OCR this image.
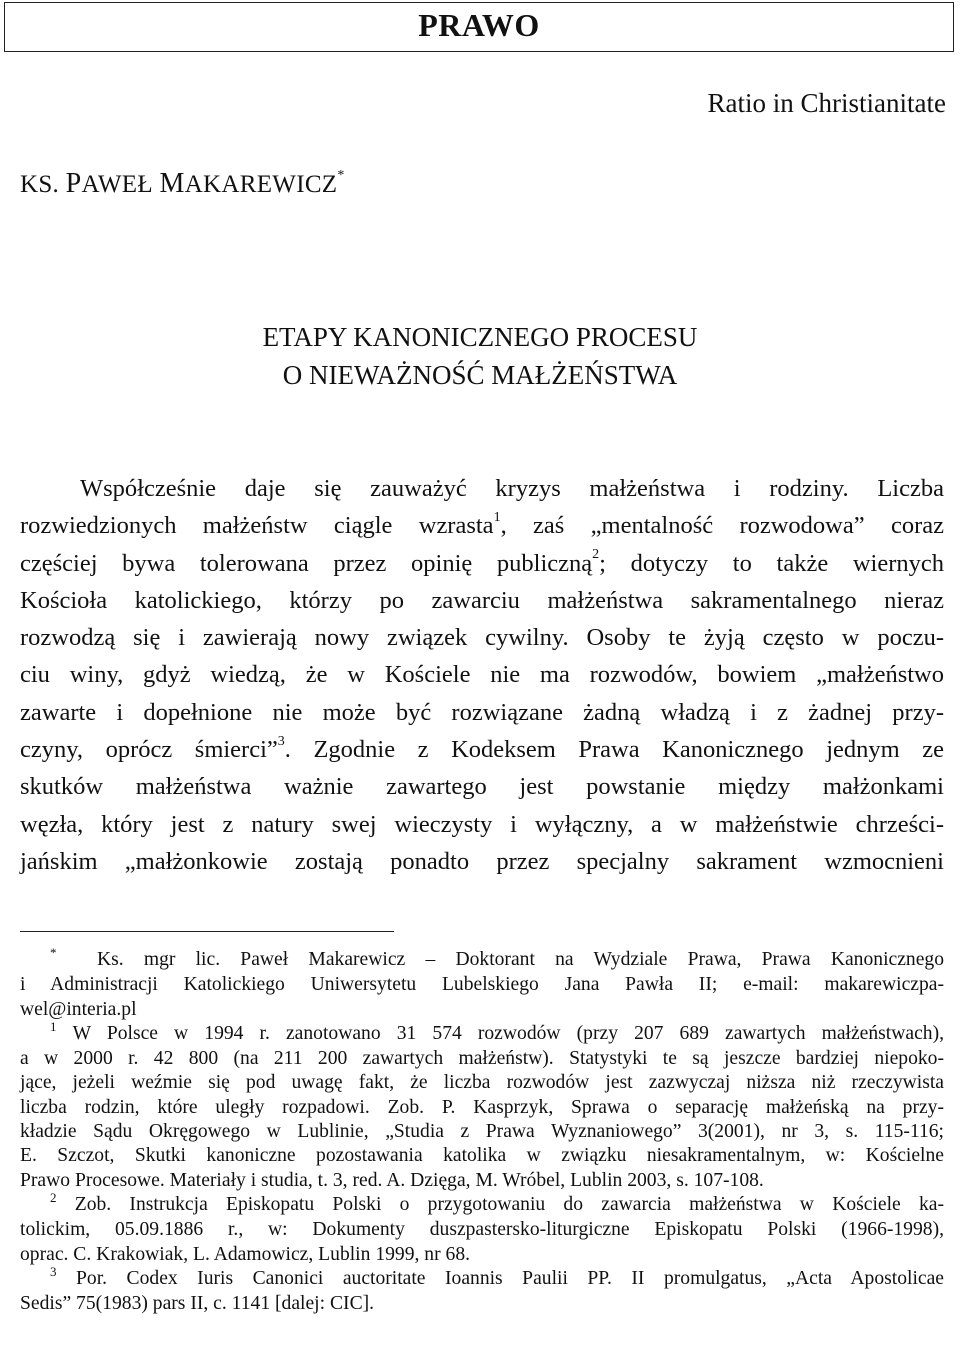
PRAWO
Ratio in Christianitate
KS. PAWEŁ MAKAREWICZ*
ETAPY KANONICZNEGO PROCESU
O NIEWAŻNOŚĆ MAŁŻEŃSTWA
Współcześnie daje się zauważyć kryzys małżeństwa i rodziny. Liczba
rozwiedzionych małżeństw ciągle wzrasta$^1$, zaś „mentalność rozwodowa” coraz
częściej bywa tolerowana przez opinię publiczną$^2$; dotyczy to także wiernych
Kościoła katolickiego, którzy po zawarciu małżeństwa sakramentalnego nieraz
rozwodzą się i zawierają nowy związek cywilny. Osoby te żyją często w poczu-
ciu winy, gdyż wiedzą, że w Kościele nie ma rozwodów, bowiem „małżeństwo
zawarte i dopełnione nie może być rozwiązane żadną władzą i z żadnej przy-
czyny, oprócz śmierci”$^3$. Zgodnie z Kodeksem Prawa Kanonicznego jednym ze
skutków małżeństwa ważnie zawartego jest powstanie między małżonkami
węzła, który jest z natury swej wieczysty i wyłączny, a w małżeństwie chrześci-
jańskim „małżonkowie zostają ponadto przez specjalny sakrament wzmocnieni
* Ks. mgr lic. Paweł Makarewicz – Doktorant na Wydziale Prawa, Prawa Kanonicznego
i Administracji Katolickiego Uniwersytetu Lubelskiego Jana Pawła II; e-mail: makarewiczpa-
wel@interia.pl
$^1$ W Polsce w 1994 r. zanotowano 31 574 rozwodów (przy 207 689 zawartych małżeństwach),
a w 2000 r. 42 800 (na 211 200 zawartych małżeństw). Statystyki te są jeszcze bardziej niepoko-
jące, jeżeli weźmie się pod uwagę fakt, że liczba rozwodów jest zazwyczaj niższa niż rzeczywista
liczba rodzin, które uległy rozpadowi. Zob. P. Kasprzyk, Sprawa o separację małżeńską na przy-
kładzie Sądu Okręgowego w Lublinie, „Studia z Prawa Wyznaniowego” 3(2001), nr 3, s. 115-116;
E. Szczot, Skutki kanoniczne pozostawania katolika w związku niesakramentalnym, w: Kościelne
Prawo Procesowe. Materiały i studia, t. 3, red. A. Dzięga, M. Wróbel, Lublin 2003, s. 107-108.
$^2$ Zob. Instrukcja Episkopatu Polski o przygotowaniu do zawarcia małżeństwa w Kościele ka-
tolickim, 05.09.1886 r., w: Dokumenty duszpastersko-liturgiczne Episkopatu Polski (1966-1998),
oprac. C. Krakowiak, L. Adamowicz, Lublin 1999, nr 68.
$^3$ Por. Codex Iuris Canonici auctoritate Ioannis Paulii PP. II promulgatus, „Acta Apostolicae
Sedis” 75(1983) pars II, c. 1141 [dalej: CIC].
